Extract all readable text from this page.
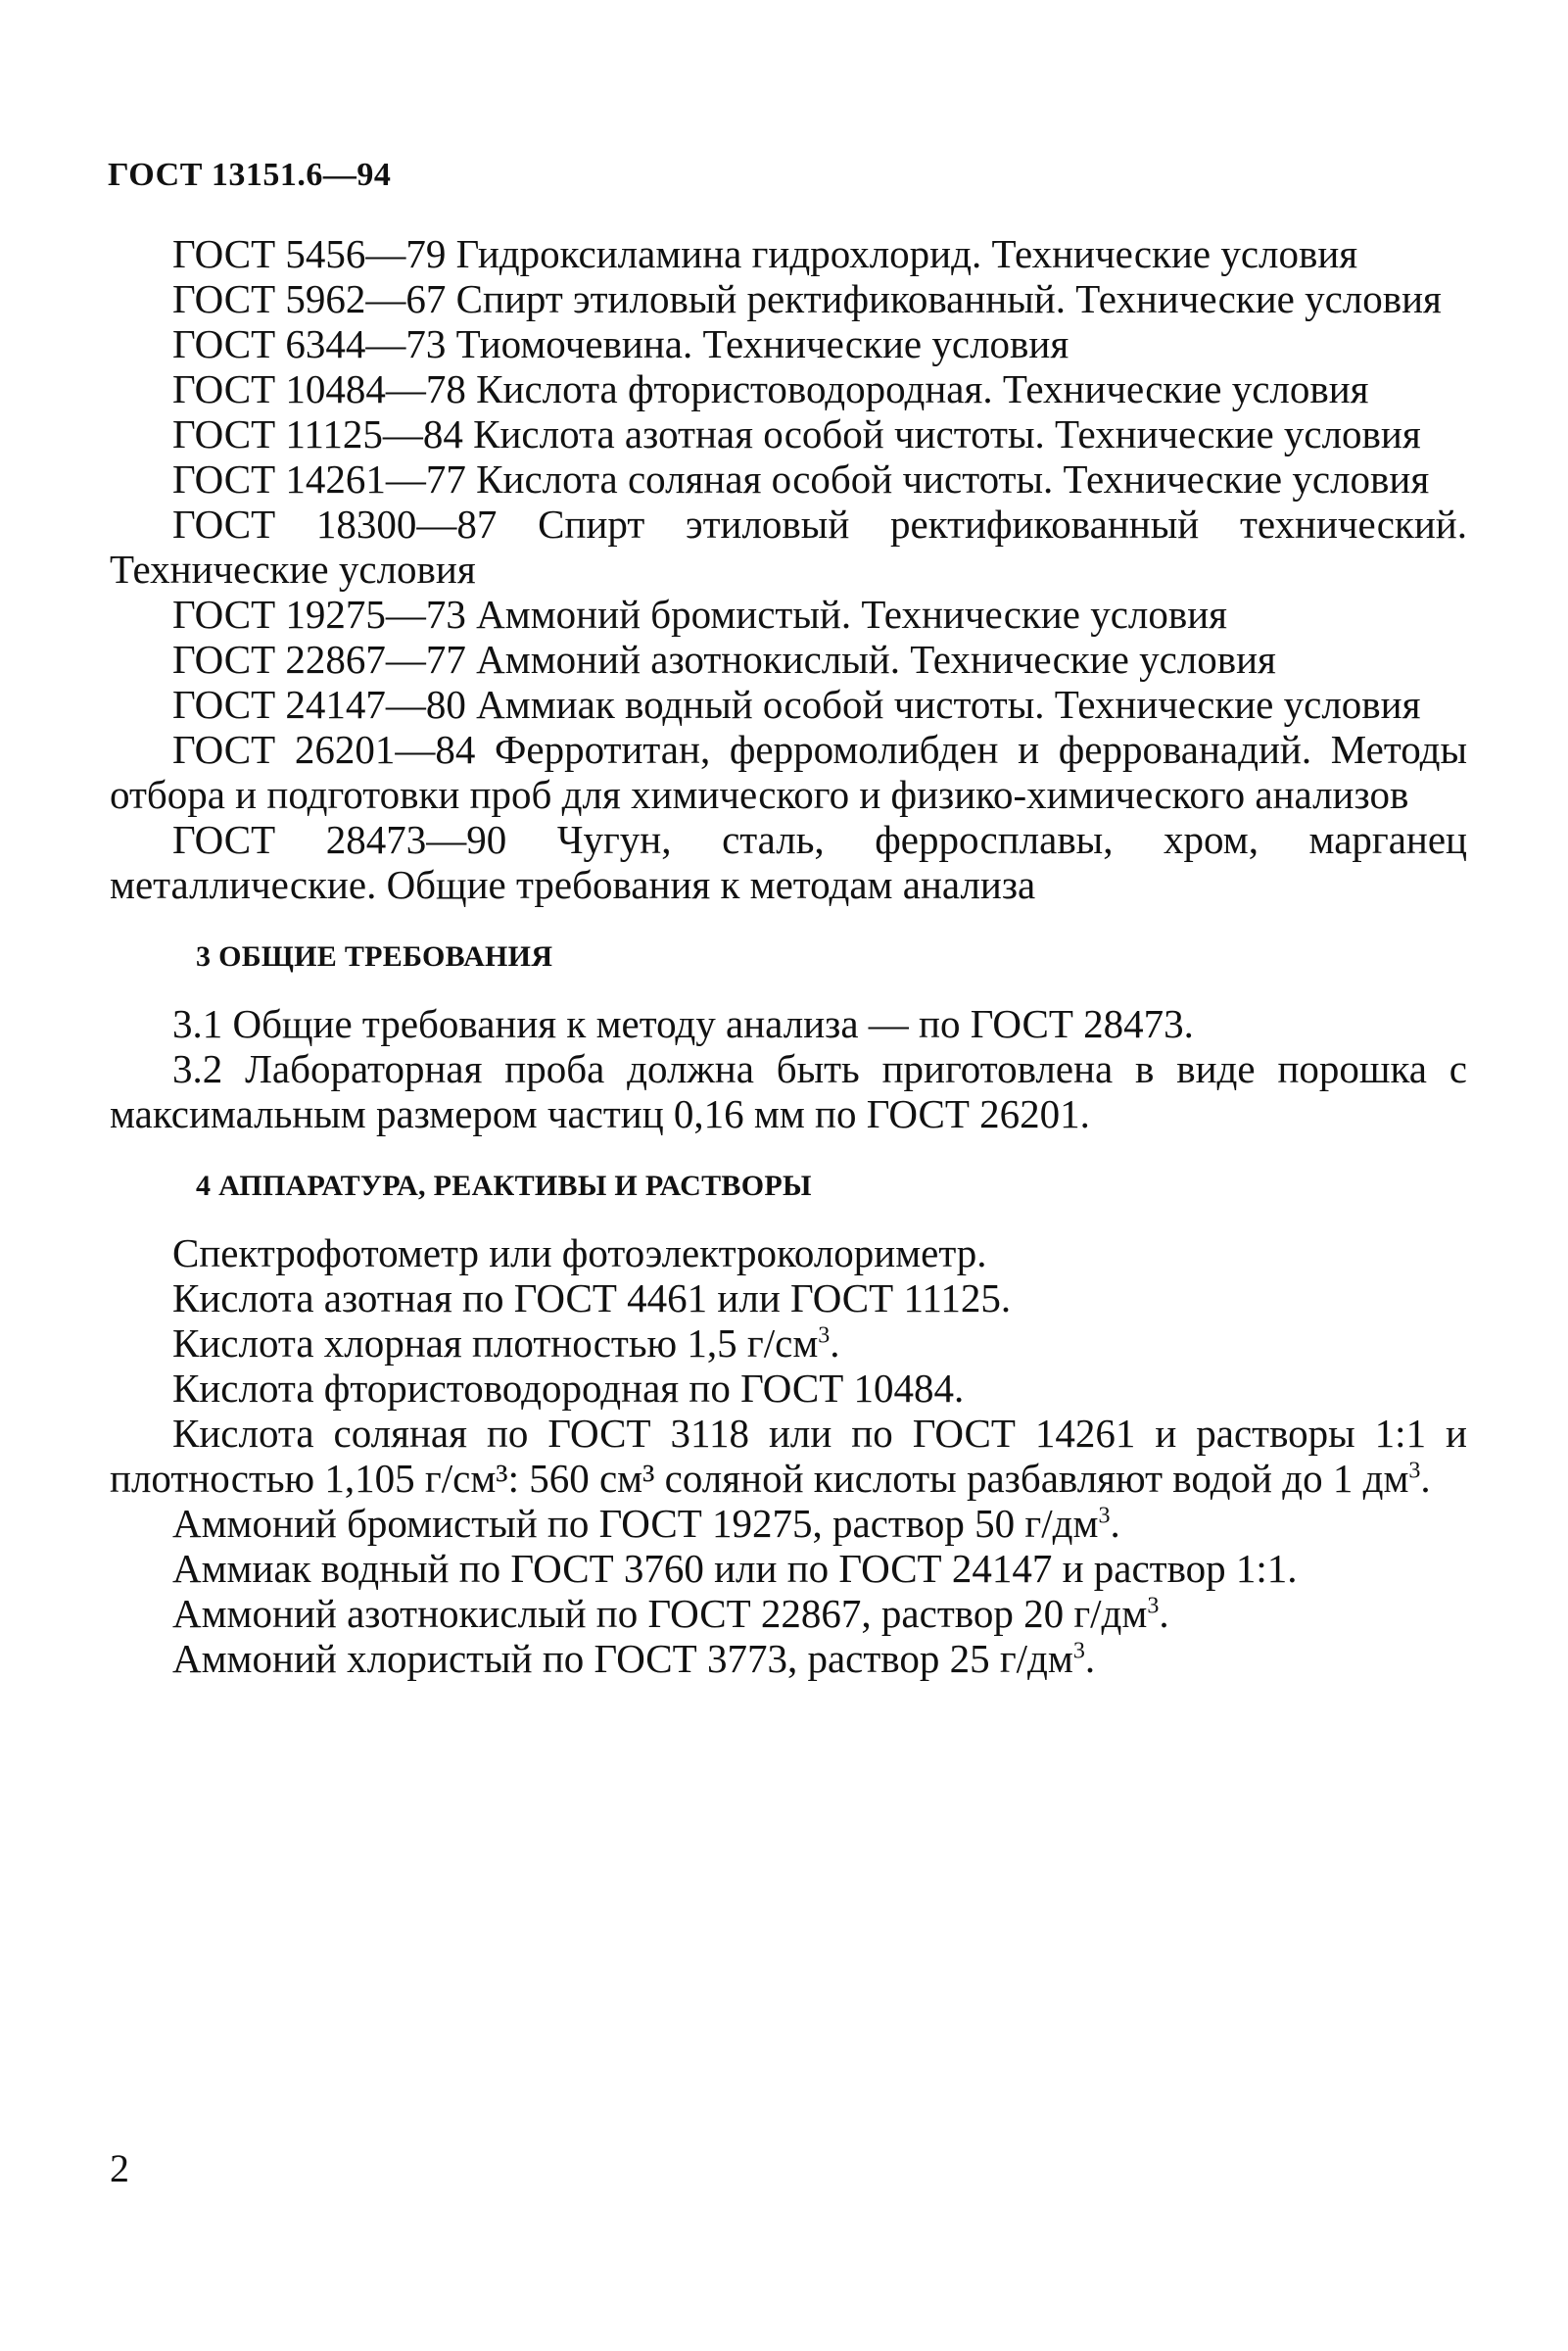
ГОСТ 13151.6—94

ГОСТ 5456—79 Гидроксиламина гидрохлорид. Технические условия

ГОСТ 5962—67 Спирт этиловый ректификованный. Технические условия

ГОСТ 6344—73 Тиомочевина. Технические условия

ГОСТ 10484—78 Кислота фтористоводородная. Технические условия

ГОСТ 11125—84 Кислота азотная особой чистоты. Технические условия

ГОСТ 14261—77 Кислота соляная особой чистоты. Технические условия

ГОСТ 18300—87 Спирт этиловый ректификованный технический. Технические условия

ГОСТ 19275—73 Аммоний бромистый. Технические условия

ГОСТ 22867—77 Аммоний азотнокислый. Технические условия

ГОСТ 24147—80 Аммиак водный особой чистоты. Технические условия

ГОСТ 26201—84 Ферротитан, ферромолибден и феррованадий. Методы отбора и подготовки проб для химического и физико-химического анализов

ГОСТ 28473—90 Чугун, сталь, ферросплавы, хром, марганец металлические. Общие требования к методам анализа

3 ОБЩИЕ ТРЕБОВАНИЯ

3.1 Общие требования к методу анализа — по ГОСТ 28473.

3.2 Лабораторная проба должна быть приготовлена в виде порошка с максимальным размером частиц 0,16 мм по ГОСТ 26201.

4 АППАРАТУРА, РЕАКТИВЫ И РАСТВОРЫ

Спектрофотометр или фотоэлектроколориметр.

Кислота азотная по ГОСТ 4461 или ГОСТ 11125.

Кислота хлорная плотностью 1,5 $г/см^3$.

Кислота фтористоводородная по ГОСТ 10484.

Кислота соляная по ГОСТ 3118 или по ГОСТ 14261 и растворы 1:1 и плотностью 1,105 г/см³: 560 см³ соляной кислоты разбавляют водой до 1 $дм^3$.

Аммоний бромистый по ГОСТ 19275, раствор 50 $г/дм^3$.

Аммиак водный по ГОСТ 3760 или по ГОСТ 24147 и раствор 1:1.

Аммоний азотнокислый по ГОСТ 22867, раствор 20 $г/дм^3$.

Аммоний хлористый по ГОСТ 3773, раствор 25 $г/дм^3$.

2
